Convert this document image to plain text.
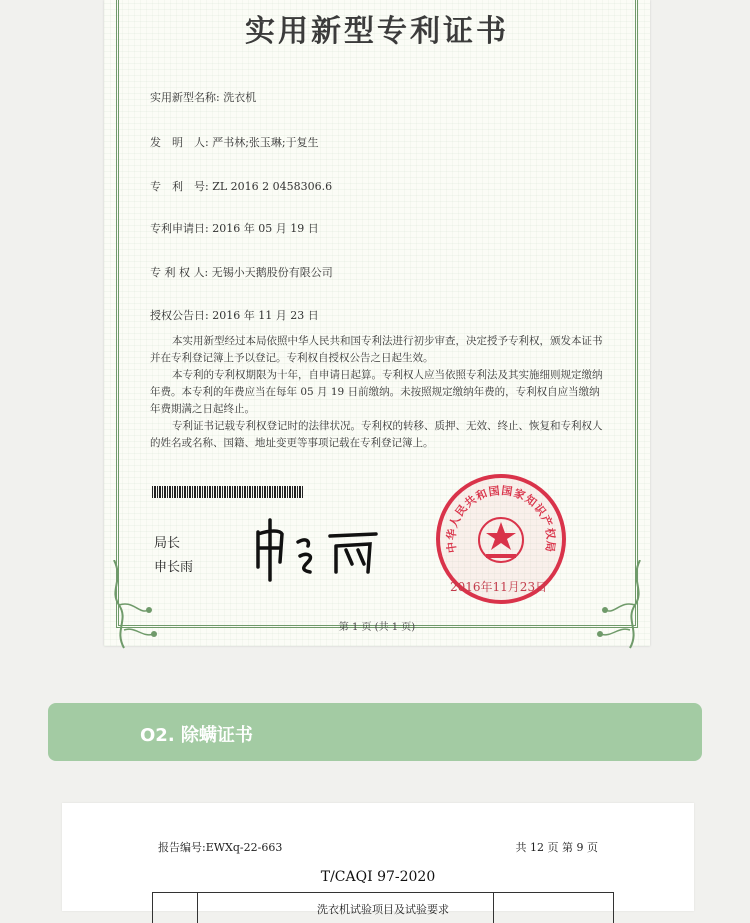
实用新型专利证书
实用新型名称: 洗衣机
发　明　人: 严书林;张玉琳;于复生
专　利　号: ZL 2016 2 0458306.6
专利申请日: 2016 年 05 月 19 日
专 利 权 人: 无锡小天鹅股份有限公司
授权公告日: 2016 年 11 月 23 日

本实用新型经过本局依照中华人民共和国专利法进行初步审查，决定授予专利权，颁发本证书并在专利登记簿上予以登记。专利权自授权公告之日起生效。

本专利的专利权期限为十年，自申请日起算。专利权人应当依照专利法及其实施细则规定缴纳年费。本专利的年费应当在每年 05 月 19 日前缴纳。未按照规定缴纳年费的，专利权自应当缴纳年费期满之日起终止。

专利证书记载专利权登记时的法律状况。专利权的转移、质押、无效、终止、恢复和专利权人的姓名或名称、国籍、地址变更等事项记载在专利登记簿上。

局长
申长雨
中华人民共和国国家知识产权局
2016年11月23日
第 1 页 (共 1 页)
O2. 除螨证书
报告编号:EWXq-22-663	共 12 页 第 9 页
T/CAQI 97-2020
洗衣机试验项目及试验要求
